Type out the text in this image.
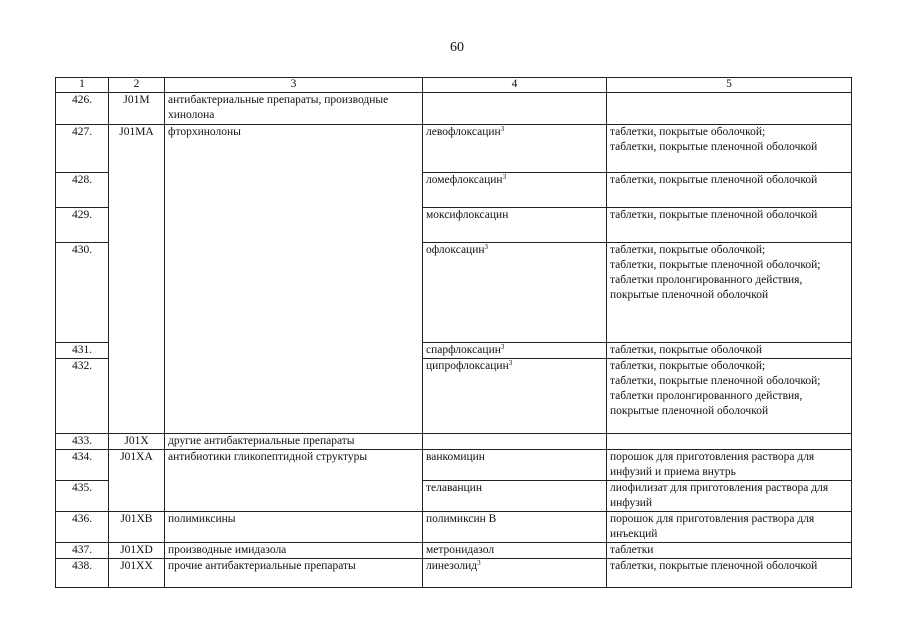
60
1	2	3	4	5
426.	J01M	антибактериальные препараты, производные хинолона		
427.	J01MA	фторхинолоны	левофлоксацин$^3$	таблетки, покрытые оболочкой;
таблетки, покрытые пленочной оболочкой

428.			ломефлоксацин$^3$	таблетки, покрытые пленочной оболочкой

429.			моксифлоксацин	таблетки, покрытые пленочной оболочкой

430.			офлоксацин$^3$	таблетки, покрытые оболочкой;
таблетки, покрытые пленочной оболочкой;
таблетки пролонгированного действия, покрытые пленочной оболочкой

431.			спарфлоксацин$^3$	таблетки, покрытые оболочкой

432.			ципрофлоксацин$^3$	таблетки, покрытые оболочкой;
таблетки, покрытые пленочной оболочкой;
таблетки пролонгированного действия, покрытые пленочной оболочкой

433.	J01X	другие антибактериальные препараты		
434.	J01XA	антибиотики гликопептидной структуры	ванкомицин	порошок для приготовления раствора для инфузий и приема внутрь

435.			телаванцин	лиофилизат для приготовления раствора для инфузий

436.	J01XB	полимиксины	полимиксин В	порошок для приготовления раствора для инъекций

437.	J01XD	производные имидазола	метронидазол	таблетки

438.	J01XX	прочие антибактериальные препараты	линезолид$^3$	таблетки, покрытые пленочной оболочкой
